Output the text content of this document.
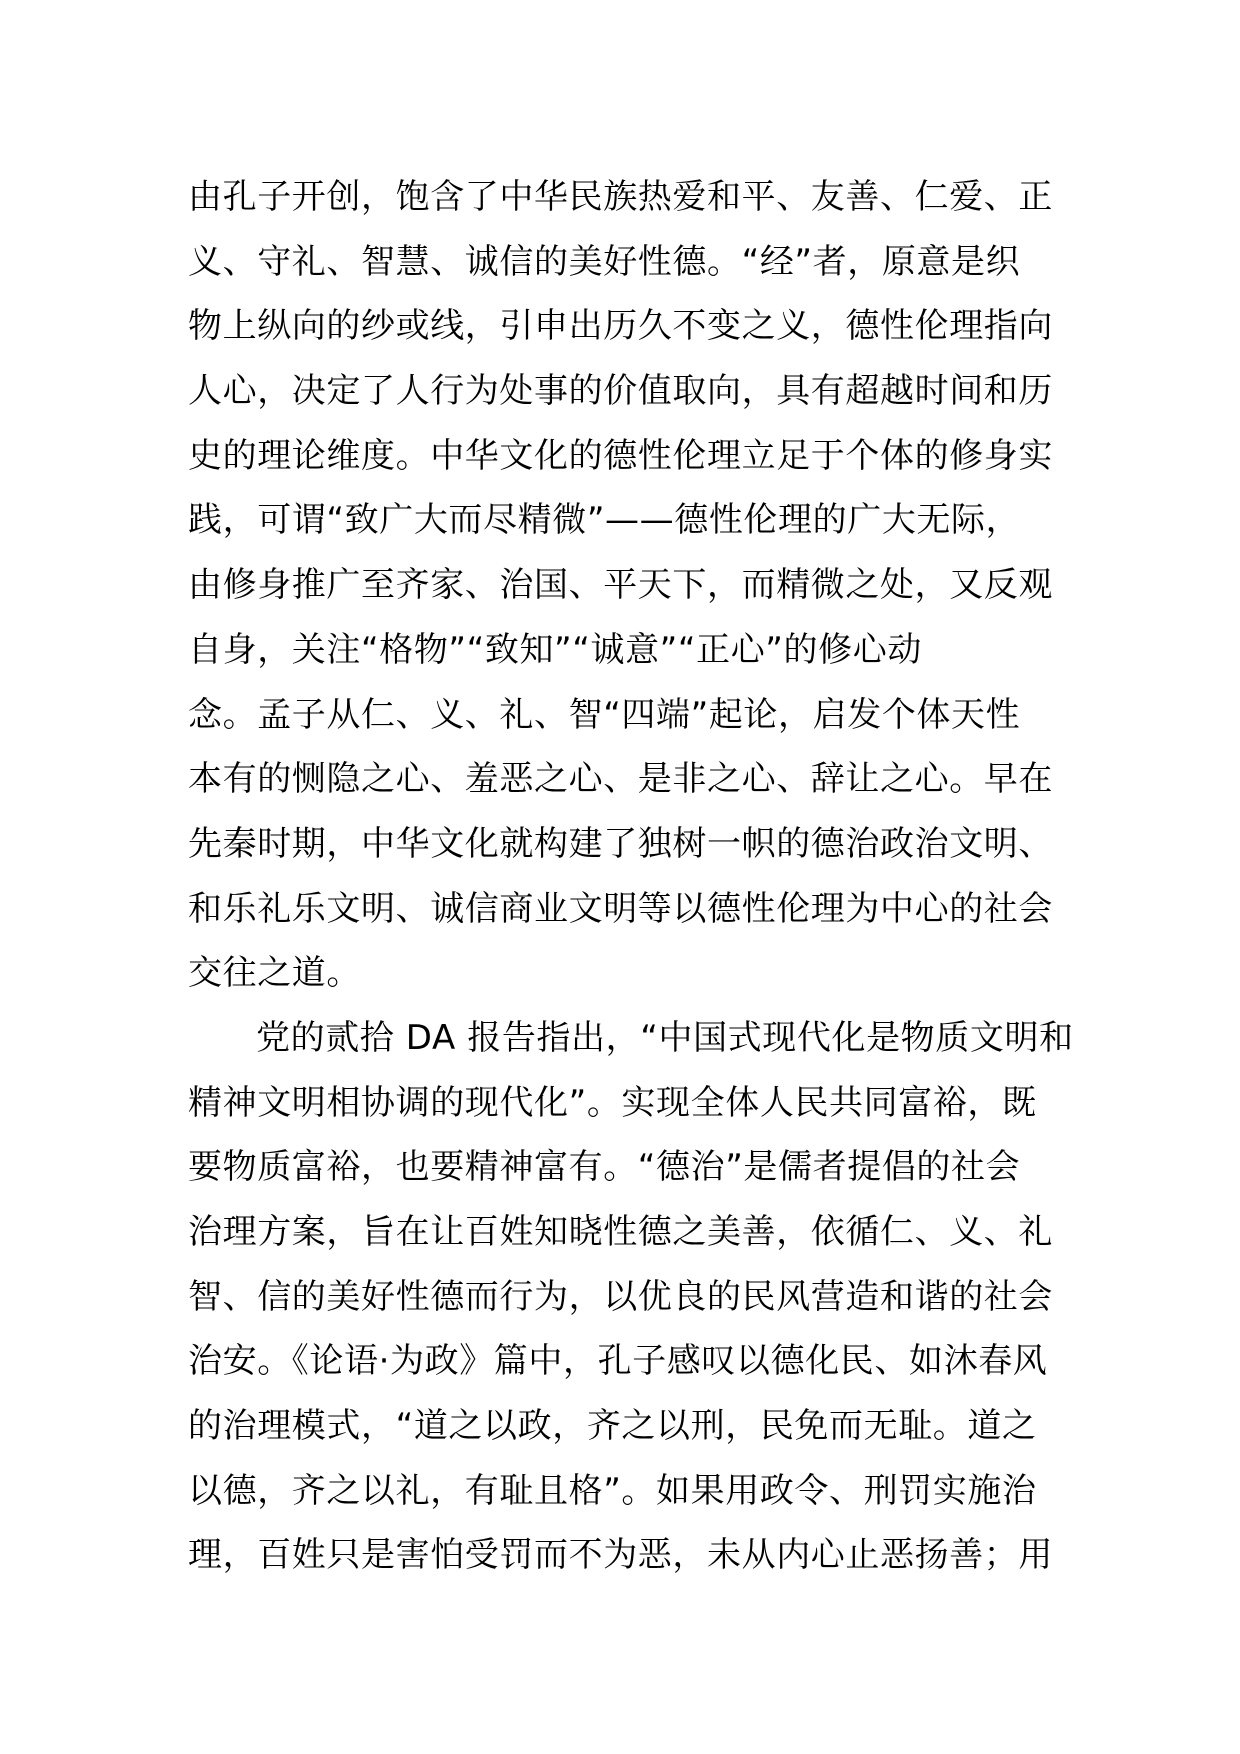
由孔子开创，饱含了中华民族热爱和平、友善、仁爱、正
义、守礼、智慧、诚信的美好性德。“经”者，原意是织
物上纵向的纱或线，引申出历久不变之义，德性伦理指向
人心，决定了人行为处事的价值取向，具有超越时间和历
史的理论维度。中华文化的德性伦理立足于个体的修身实
践，可谓“致广大而尽精微”——德性伦理的广大无际，
由修身推广至齐家、治国、平天下，而精微之处，又反观
自身，关注“格物”“致知”“诚意”“正心”的修心动
念。孟子从仁、义、礼、智“四端”起论，启发个体天性
本有的恻隐之心、羞恶之心、是非之心、辞让之心。早在
先秦时期，中华文化就构建了独树一帜的德治政治文明、
和乐礼乐文明、诚信商业文明等以德性伦理为中心的社会
交往之道。
党的贰拾 DA 报告指出，“中国式现代化是物质文明和
精神文明相协调的现代化”。实现全体人民共同富裕，既
要物质富裕，也要精神富有。“德治”是儒者提倡的社会
治理方案，旨在让百姓知晓性德之美善，依循仁、义、礼
智、信的美好性德而行为，以优良的民风营造和谐的社会
治安。《论语·为政》篇中，孔子感叹以德化民、如沐春风
的治理模式，“道之以政，齐之以刑，民免而无耻。道之
以德，齐之以礼，有耻且格”。如果用政令、刑罚实施治
理，百姓只是害怕受罚而不为恶，未从内心止恶扬善；用
